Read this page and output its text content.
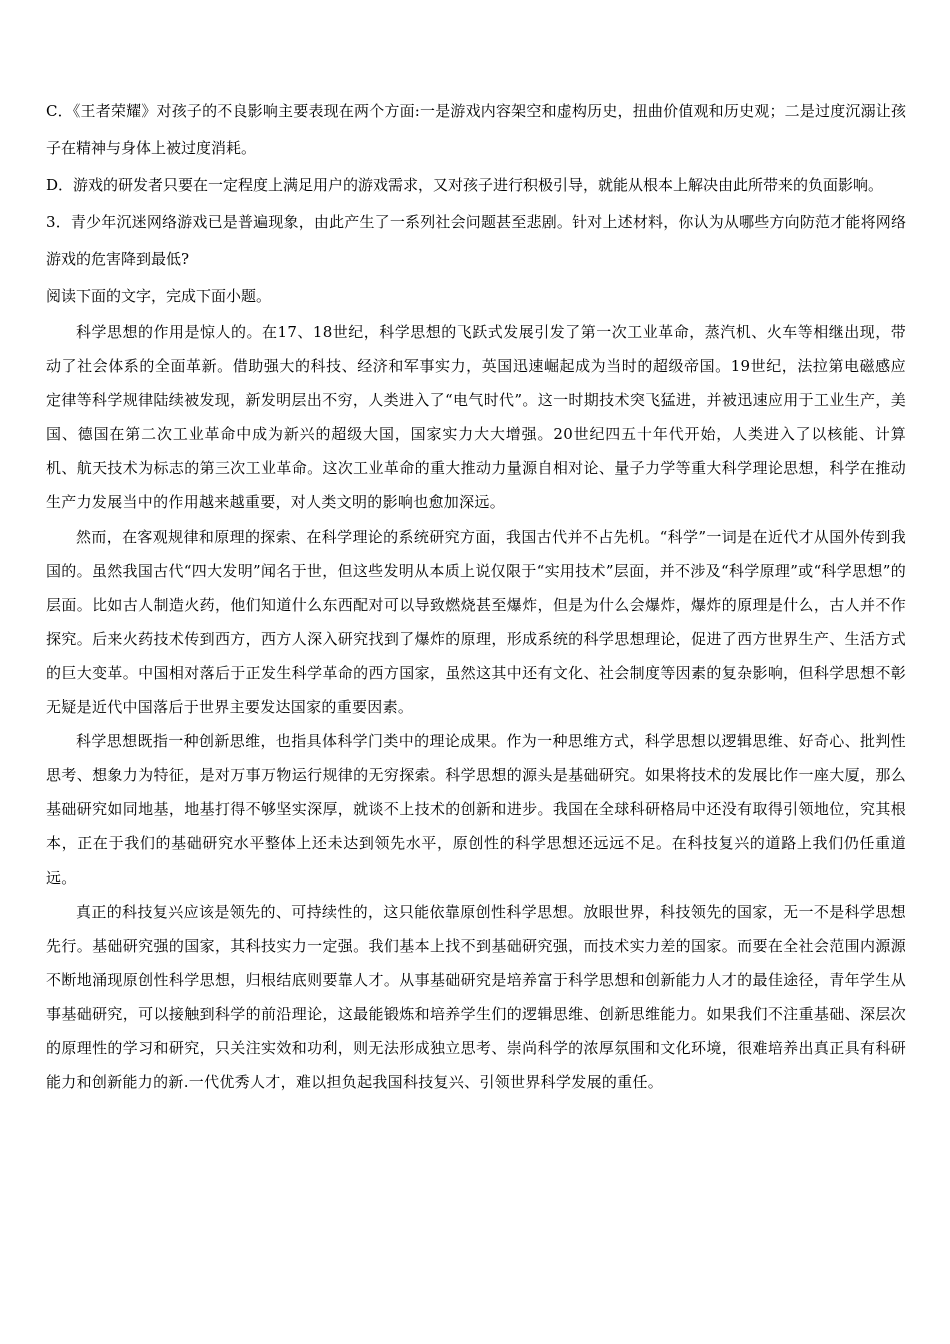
C．《王者荣耀》对孩子的不良影响主要表现在两个方面:一是游戏内容架空和虚构历史，扭曲价值观和历史观；二是过度沉溺让孩子在精神与身体上被过度消耗。

D．游戏的研发者只要在一定程度上满足用户的游戏需求，又对孩子进行积极引导，就能从根本上解决由此所带来的负面影响。

3．青少年沉迷网络游戏已是普遍现象，由此产生了一系列社会问题甚至悲剧。针对上述材料，你认为从哪些方向防范才能将网络游戏的危害降到最低?

阅读下面的文字，完成下面小题。

科学思想的作用是惊人的。在17、18世纪，科学思想的飞跃式发展引发了第一次工业革命，蒸汽机、火车等相继出现，带动了社会体系的全面革新。借助强大的科技、经济和军事实力，英国迅速崛起成为当时的超级帝国。19世纪，法拉第电磁感应定律等科学规律陆续被发现，新发明层出不穷，人类进入了“电气时代”。这一时期技术突飞猛进，并被迅速应用于工业生产，美国、德国在第二次工业革命中成为新兴的超级大国，国家实力大大增强。20世纪四五十年代开始，人类进入了以核能、计算机、航天技术为标志的第三次工业革命。这次工业革命的重大推动力量源自相对论、量子力学等重大科学理论思想，科学在推动生产力发展当中的作用越来越重要，对人类文明的影响也愈加深远。

然而，在客观规律和原理的探索、在科学理论的系统研究方面，我国古代并不占先机。“科学”一词是在近代才从国外传到我国的。虽然我国古代“四大发明”闻名于世，但这些发明从本质上说仅限于“实用技术”层面，并不涉及“科学原理”或“科学思想”的层面。比如古人制造火药，他们知道什么东西配对可以导致燃烧甚至爆炸，但是为什么会爆炸，爆炸的原理是什么，古人并不作探究。后来火药技术传到西方，西方人深入研究找到了爆炸的原理，形成系统的科学思想理论，促进了西方世界生产、生活方式的巨大变革。中国相对落后于正发生科学革命的西方国家，虽然这其中还有文化、社会制度等因素的复杂影响，但科学思想不彰无疑是近代中国落后于世界主要发达国家的重要因素。

科学思想既指一种创新思维，也指具体科学门类中的理论成果。作为一种思维方式，科学思想以逻辑思维、好奇心、批判性思考、想象力为特征，是对万事万物运行规律的无穷探索。科学思想的源头是基础研究。如果将技术的发展比作一座大厦，那么基础研究如同地基，地基打得不够坚实深厚，就谈不上技术的创新和进步。我国在全球科研格局中还没有取得引领地位，究其根本，正在于我们的基础研究水平整体上还未达到领先水平，原创性的科学思想还远远不足。在科技复兴的道路上我们仍任重道远。

真正的科技复兴应该是领先的、可持续性的，这只能依靠原创性科学思想。放眼世界，科技领先的国家，无一不是科学思想先行。基础研究强的国家，其科技实力一定强。我们基本上找不到基础研究强，而技术实力差的国家。而要在全社会范围内源源不断地涌现原创性科学思想，归根结底则要靠人才。从事基础研究是培养富于科学思想和创新能力人才的最佳途径，青年学生从事基础研究，可以接触到科学的前沿理论，这最能锻炼和培养学生们的逻辑思维、创新思维能力。如果我们不注重基础、深层次的原理性的学习和研究，只关注实效和功利，则无法形成独立思考、崇尚科学的浓厚氛围和文化环境，很难培养出真正具有科研能力和创新能力的新.一代优秀人才，难以担负起我国科技复兴、引领世界科学发展的重任。
